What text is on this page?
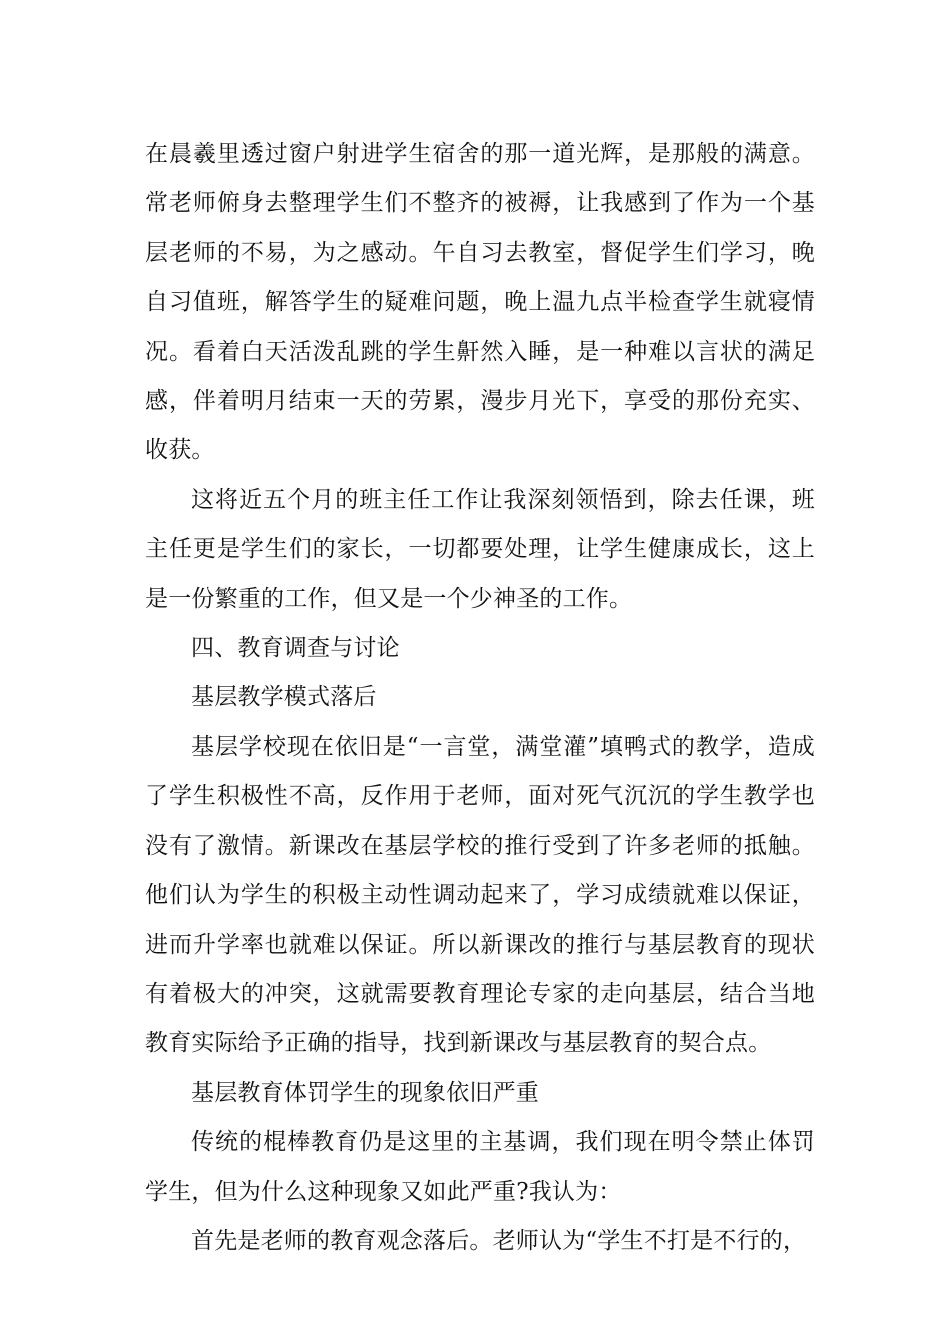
在晨羲里透过窗户射进学生宿舍的那一道光辉，是那般的满意。常老师俯身去整理学生们不整齐的被褥，让我感到了作为一个基层老师的不易，为之感动。午自习去教室，督促学生们学习，晚自习值班，解答学生的疑难问题，晚上温九点半检查学生就寝情况。看着白天活泼乱跳的学生鼾然入睡，是一种难以言状的满足感，伴着明月结束一天的劳累，漫步月光下，享受的那份充实、收获。

这将近五个月的班主任工作让我深刻领悟到，除去任课，班主任更是学生们的家长，一切都要处理，让学生健康成长，这上是一份繁重的工作，但又是一个少神圣的工作。

四、教育调查与讨论

基层教学模式落后

基层学校现在依旧是“一言堂，满堂灌”填鸭式的教学，造成了学生积极性不高，反作用于老师，面对死气沉沉的学生教学也没有了激情。新课改在基层学校的推行受到了许多老师的抵触。他们认为学生的积极主动性调动起来了，学习成绩就难以保证，进而升学率也就难以保证。所以新课改的推行与基层教育的现状有着极大的冲突，这就需要教育理论专家的走向基层，结合当地教育实际给予正确的指导，找到新课改与基层教育的契合点。

基层教育体罚学生的现象依旧严重

传统的棍棒教育仍是这里的主基调，我们现在明令禁止体罚学生，但为什么这种现象又如此严重?我认为：

首先是老师的教育观念落后。老师认为“学生不打是不行的，
